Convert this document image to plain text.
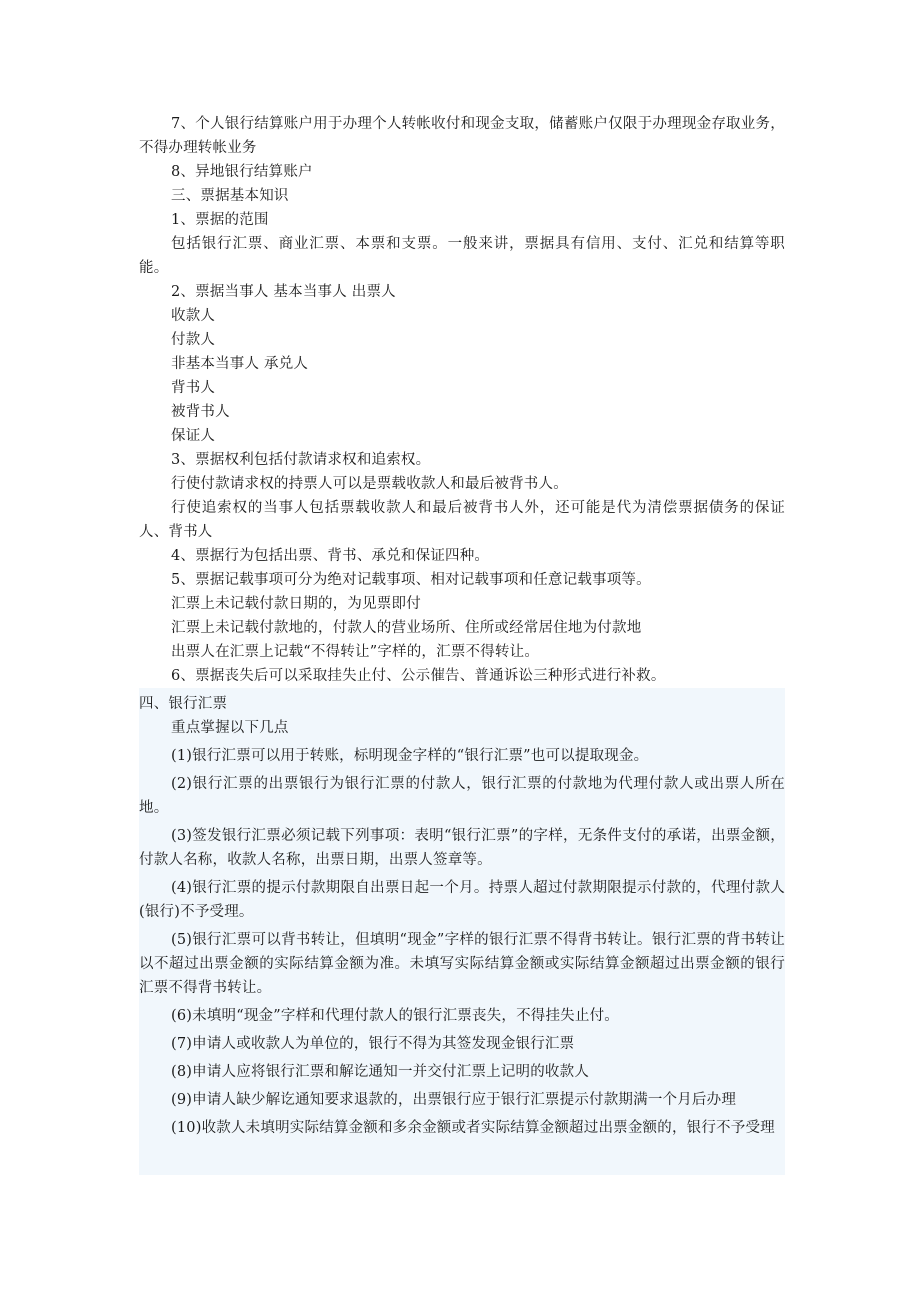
7、个人银行结算账户用于办理个人转帐收付和现金支取，储蓄账户仅限于办理现金存取业务，不得办理转帐业务

8、异地银行结算账户

三、票据基本知识

1、票据的范围

包括银行汇票、商业汇票、本票和支票。一般来讲，票据具有信用、支付、汇兑和结算等职能。

2、票据当事人 基本当事人 出票人

收款人

付款人

非基本当事人 承兑人

背书人

被背书人

保证人

3、票据权利包括付款请求权和追索权。

行使付款请求权的持票人可以是票载收款人和最后被背书人。

行使追索权的当事人包括票载收款人和最后被背书人外，还可能是代为清偿票据债务的保证人、背书人

4、票据行为包括出票、背书、承兑和保证四种。

5、票据记载事项可分为绝对记载事项、相对记载事项和任意记载事项等。

汇票上未记载付款日期的，为见票即付

汇票上未记载付款地的，付款人的营业场所、住所或经常居住地为付款地

出票人在汇票上记载“不得转让”字样的，汇票不得转让。

6、票据丧失后可以采取挂失止付、公示催告、普通诉讼三种形式进行补救。

四、银行汇票

重点掌握以下几点

(1)银行汇票可以用于转账，标明现金字样的“银行汇票”也可以提取现金。

(2)银行汇票的出票银行为银行汇票的付款人，银行汇票的付款地为代理付款人或出票人所在地。

(3)签发银行汇票必须记载下列事项：表明“银行汇票”的字样，无条件支付的承诺，出票金额，付款人名称，收款人名称，出票日期，出票人签章等。

(4)银行汇票的提示付款期限自出票日起一个月。持票人超过付款期限提示付款的，代理付款人(银行)不予受理。

(5)银行汇票可以背书转让，但填明“现金”字样的银行汇票不得背书转让。银行汇票的背书转让以不超过出票金额的实际结算金额为准。未填写实际结算金额或实际结算金额超过出票金额的银行汇票不得背书转让。

(6)未填明“现金”字样和代理付款人的银行汇票丧失，不得挂失止付。

(7)申请人或收款人为单位的，银行不得为其签发现金银行汇票

(8)申请人应将银行汇票和解讫通知一并交付汇票上记明的收款人

(9)申请人缺少解讫通知要求退款的，出票银行应于银行汇票提示付款期满一个月后办理

(10)收款人未填明实际结算金额和多余金额或者实际结算金额超过出票金额的，银行不予受理
